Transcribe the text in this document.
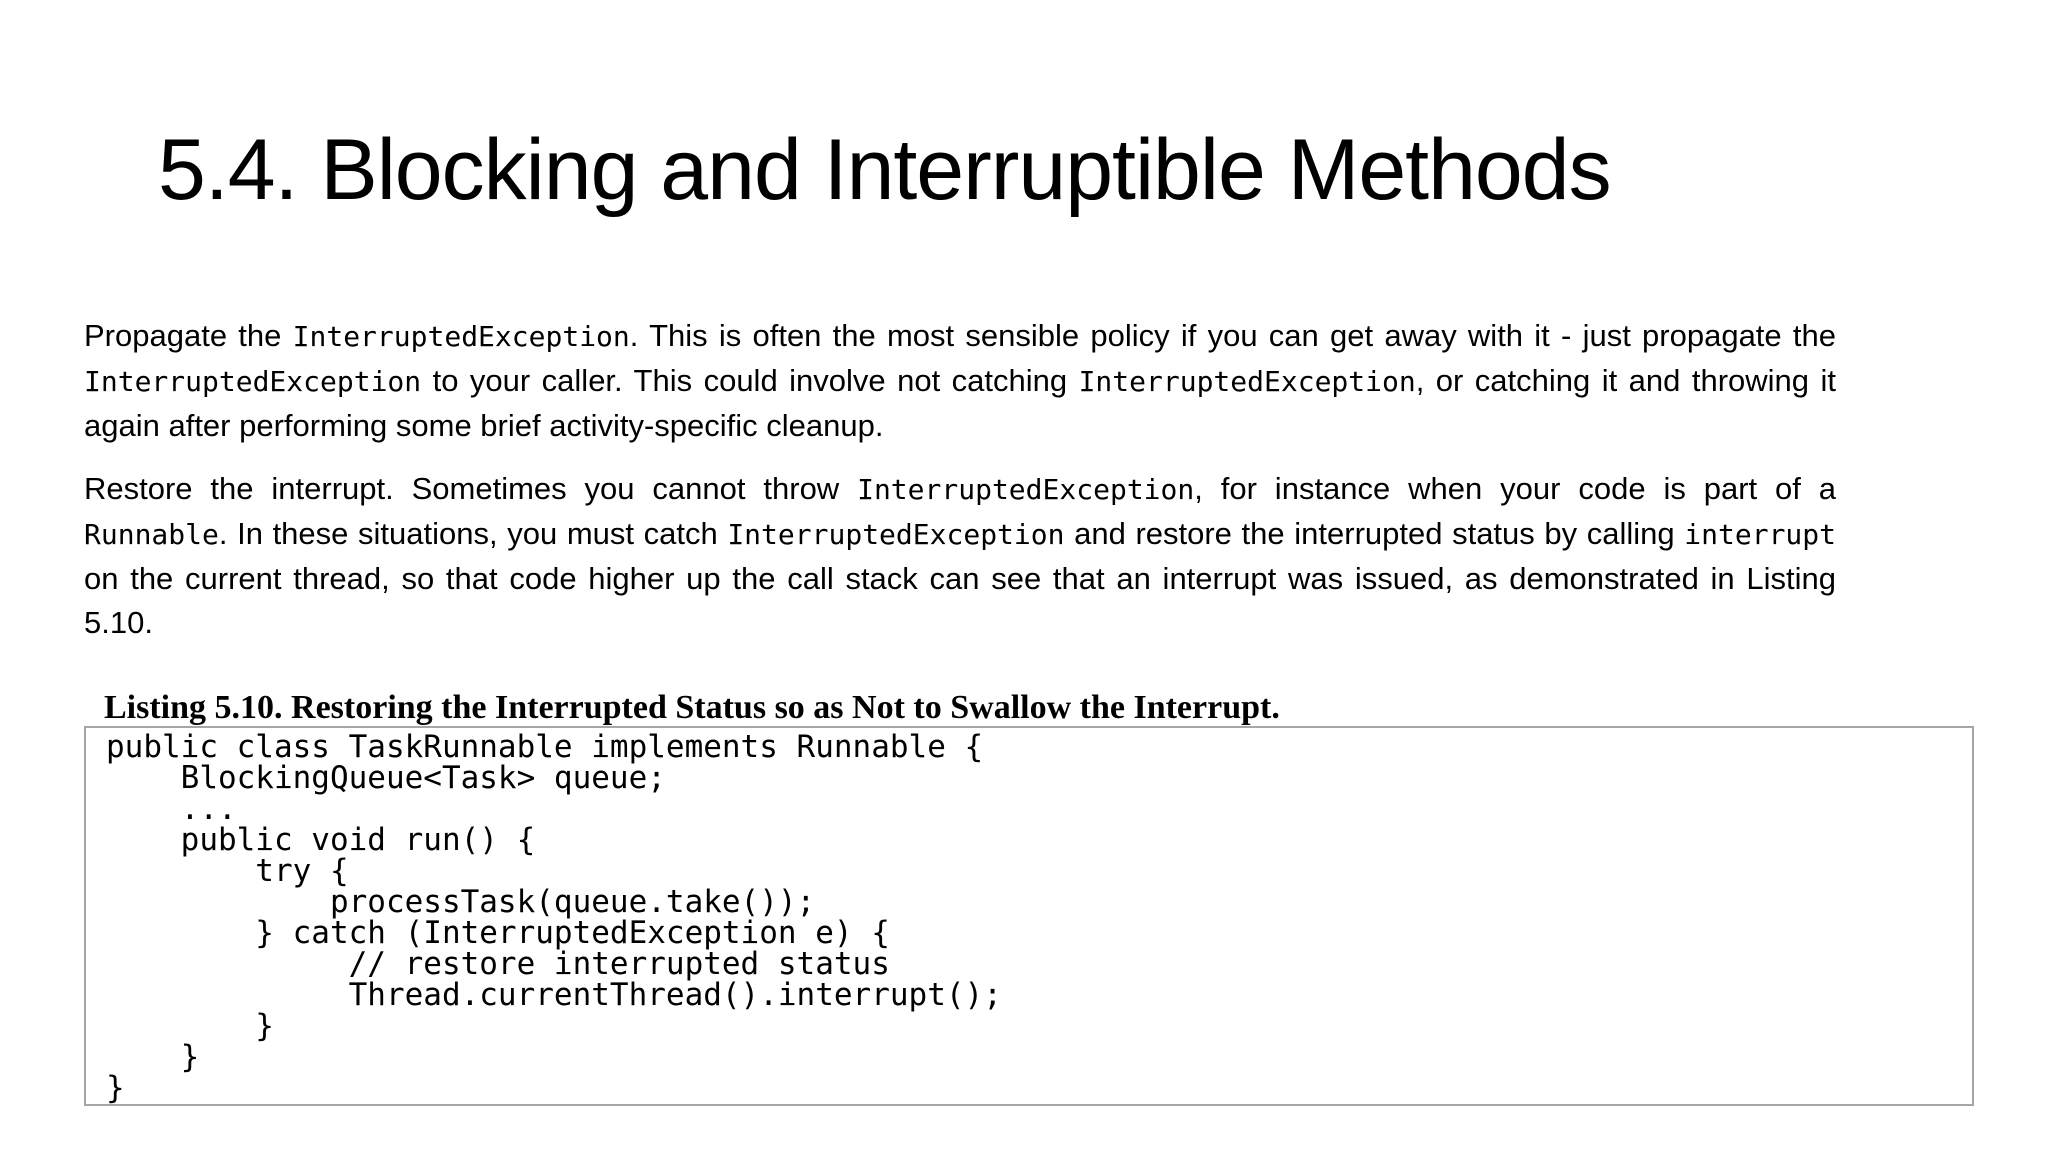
5.4. Blocking and Interruptible Methods

Propagate the InterruptedException. This is often the most sensible policy if you can get away with it - just propagate the InterruptedException to your caller. This could involve not catching InterruptedException, or catching it and throwing it again after performing some brief activity-specific cleanup.

Restore the interrupt. Sometimes you cannot throw InterruptedException, for instance when your code is part of a Runnable. In these situations, you must catch InterruptedException and restore the interrupted status by calling interrupt on the current thread, so that code higher up the call stack can see that an interrupt was issued, as demonstrated in Listing 5.10.

Listing 5.10. Restoring the Interrupted Status so as Not to Swallow the Interrupt.
public class TaskRunnable implements Runnable {
BlockingQueue<Task> queue;
...
public void run() {
try {
processTask(queue.take());
} catch (InterruptedException e) {
// restore interrupted status
Thread.currentThread().interrupt();
}
}
}
